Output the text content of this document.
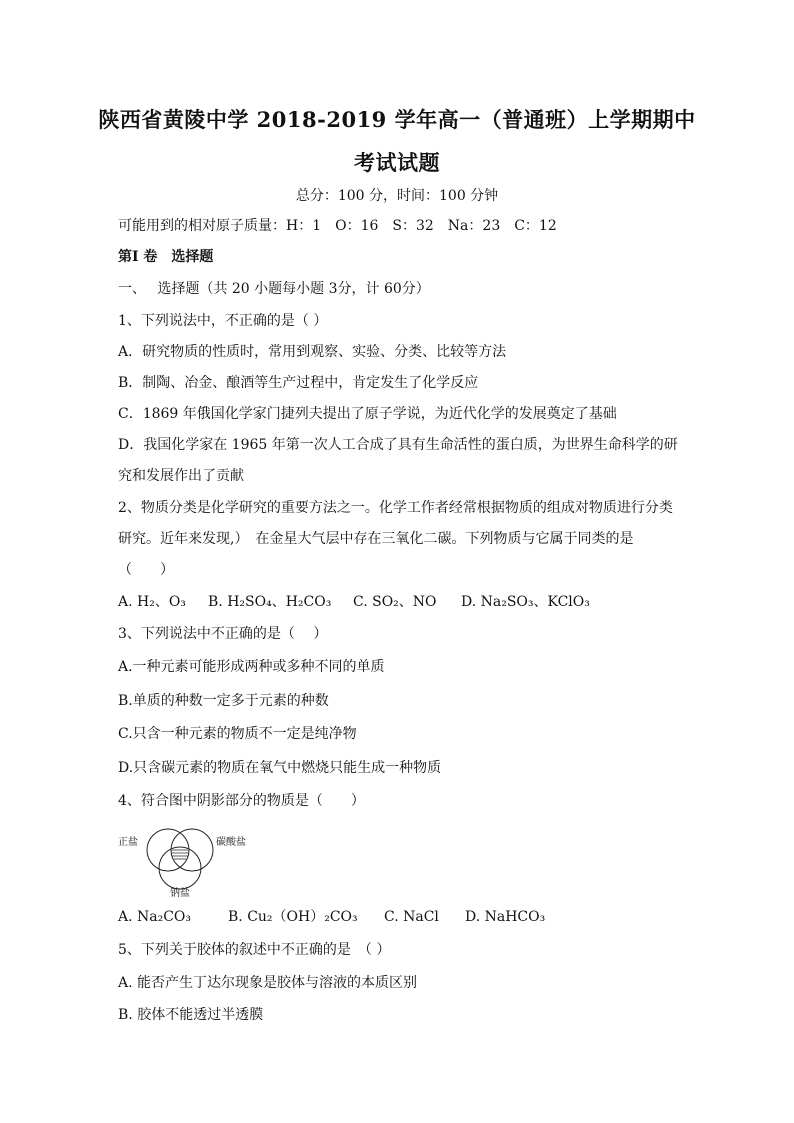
陕西省黄陵中学 2018-2019 学年高一（普通班）上学期期中
考试试题
总分：100 分，时间：100 分钟
可能用到的相对原子质量：H：1　O：16　S：32　Na：23　C：12
第Ⅰ 卷　选择题
一、　 选择题（共 20 小题每小题 3分，计 60分）
1、下列说法中，不正确的是（ ）
A．研究物质的性质时，常用到观察、实验、分类、比较等方法
B．制陶、冶金、酿酒等生产过程中，肯定发生了化学反应
C．1869 年俄国化学家门捷列夫提出了原子学说，为近代化学的发展奠定了基础
D．我国化学家在 1965 年第一次人工合成了具有生命活性的蛋白质，为世界生命科学的研
究和发展作出了贡献
2、物质分类是化学研究的重要方法之一。化学工作者经常根据物质的组成对物质进行分类
研究。近年来发现,）　在金星大气层中存在三氧化二碳。下列物质与它属于同类的是
（　　）
A. H₂、O₃ B. H₂SO₄、H₂CO₃ C. SO₂、NO D. Na₂SO₃、KClO₃
3、下列说法中不正确的是（　 ）
A.一种元素可能形成两种或多种不同的单质
B.单质的种数一定多于元素的种数
C.只含一种元素的物质不一定是纯净物
D.只含碳元素的物质在氧气中燃烧只能生成一种物质
4、符合图中阴影部分的物质是（　　）
正盐	碳酸盐
钠盐
A. Na₂CO₃	B. Cu₂（OH）₂CO₃ C. NaCl D. NaHCO₃
5、下列关于胶体的叙述中不正确的是　（ ）
A. 能否产生丁达尔现象是胶体与溶液的本质区别
B. 胶体不能透过半透膜
